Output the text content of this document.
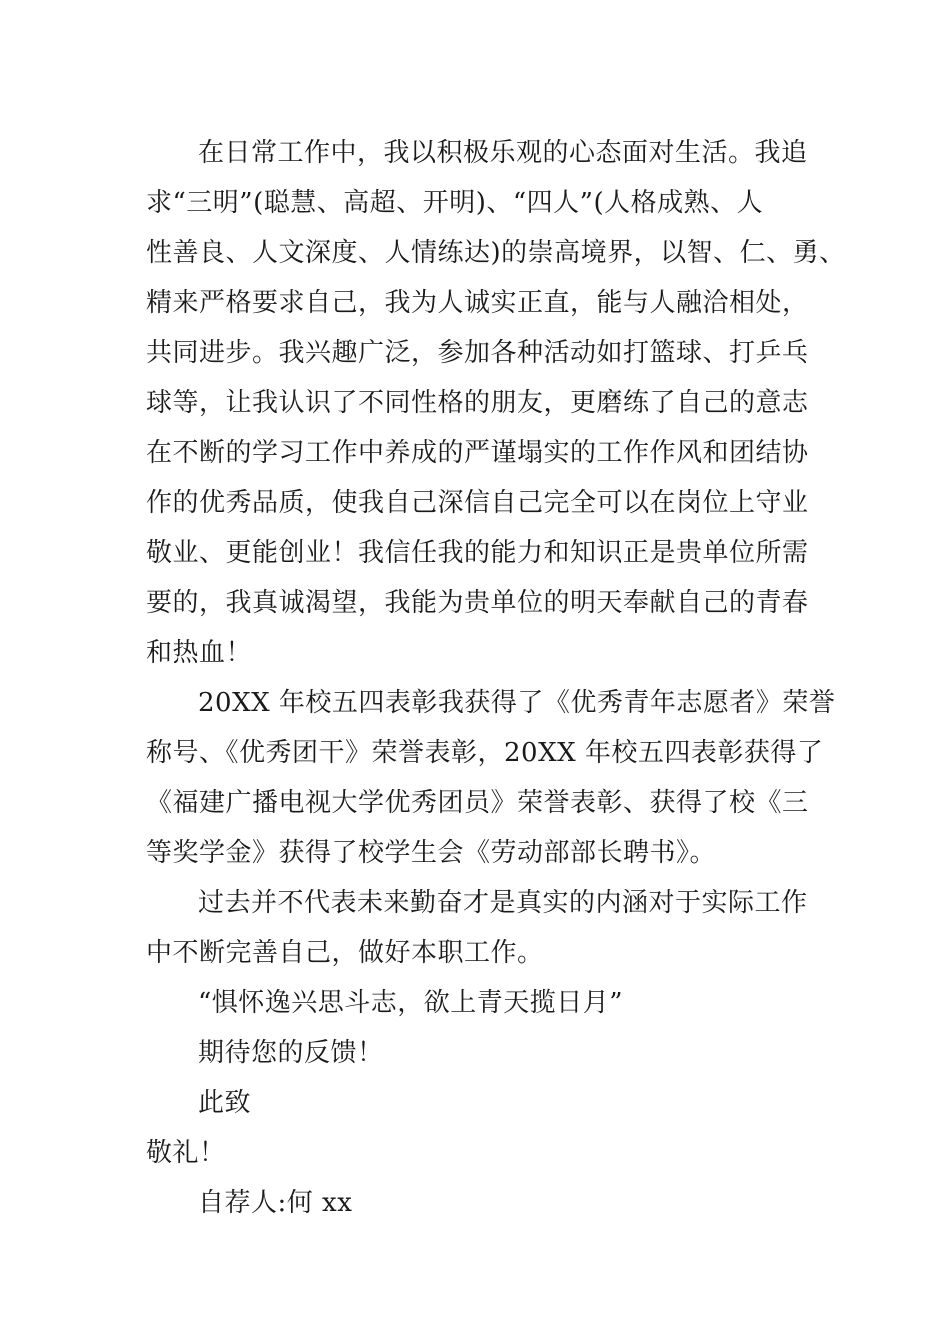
在日常工作中，我以积极乐观的心态面对生活。我追
求“三明”(聪慧、高超、开明)、“四人”(人格成熟、人
性善良、人文深度、人情练达)的崇高境界，以智、仁、勇、
精来严格要求自己，我为人诚实正直，能与人融洽相处，
共同进步。我兴趣广泛，参加各种活动如打篮球、打乒乓
球等，让我认识了不同性格的朋友，更磨练了自己的意志
在不断的学习工作中养成的严谨塌实的工作作风和团结协
作的优秀品质，使我自己深信自己完全可以在岗位上守业
敬业、更能创业！我信任我的能力和知识正是贵单位所需
要的，我真诚渴望，我能为贵单位的明天奉献自己的青春
和热血！
20XX 年校五四表彰我获得了《优秀青年志愿者》荣誉
称号、《优秀团干》荣誉表彰，20XX 年校五四表彰获得了
《福建广播电视大学优秀团员》荣誉表彰、获得了校《三
等奖学金》获得了校学生会《劳动部部长聘书》。
过去并不代表未来勤奋才是真实的内涵对于实际工作
中不断完善自己，做好本职工作。
“惧怀逸兴思斗志，欲上青天揽日月”
期待您的反馈！
此致
敬礼！
自荐人:何 xx
